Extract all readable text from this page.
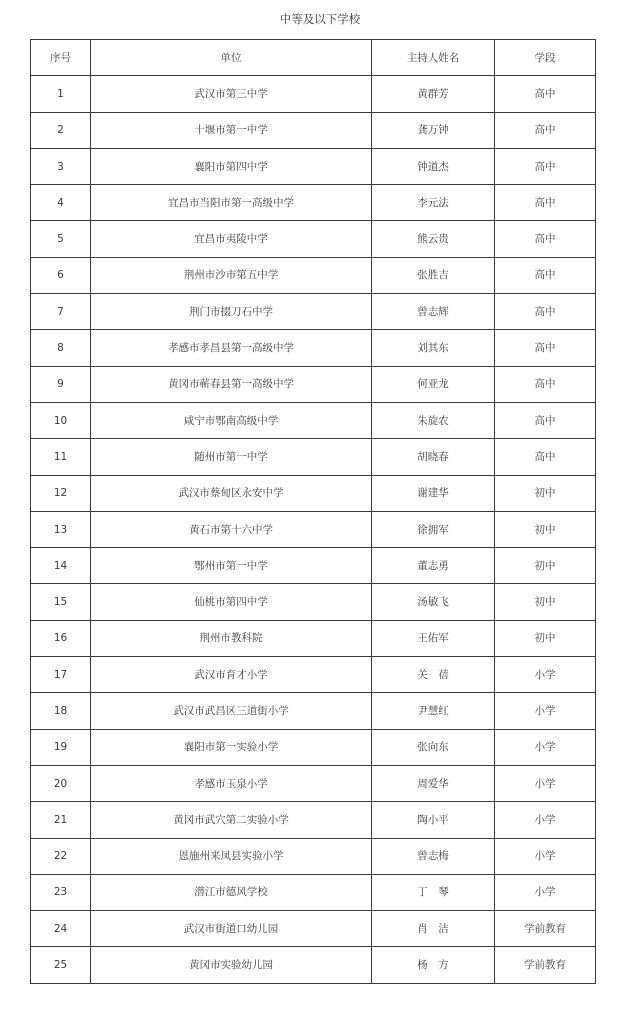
中等及以下学校
序号	单位	主持人姓名	学段
1	武汉市第三中学	黄群芳	高中
2	十堰市第一中学	龚万钟	高中
3	襄阳市第四中学	钟道杰	高中
4	宜昌市当阳市第一高级中学	李元法	高中
5	宜昌市夷陵中学	熊云贵	高中
6	荆州市沙市第五中学	张胜吉	高中
7	荆门市掇刀石中学	曾志辉	高中
8	孝感市孝昌县第一高级中学	刘其东	高中
9	黄冈市蕲春县第一高级中学	何亚龙	高中
10	咸宁市鄂南高级中学	朱旋农	高中
11	随州市第一中学	胡晓春	高中
12	武汉市蔡甸区永安中学	谢建华	初中
13	黄石市第十六中学	徐拥军	初中
14	鄂州市第一中学	董志勇	初中
15	仙桃市第四中学	汤敏飞	初中
16	荆州市教科院	王佑军	初中
17	武汉市育才小学	关　蓓	小学
18	武汉市武昌区三道街小学	尹慧红	小学
19	襄阳市第一实验小学	张向东	小学
20	孝感市玉泉小学	周爱华	小学
21	黄冈市武穴第二实验小学	陶小平	小学
22	恩施州来凤县实验小学	曾志梅	小学
23	潜江市德风学校	丁　琴	小学
24	武汉市街道口幼儿园	肖　洁	学前教育
25	黄冈市实验幼儿园	杨　方	学前教育
